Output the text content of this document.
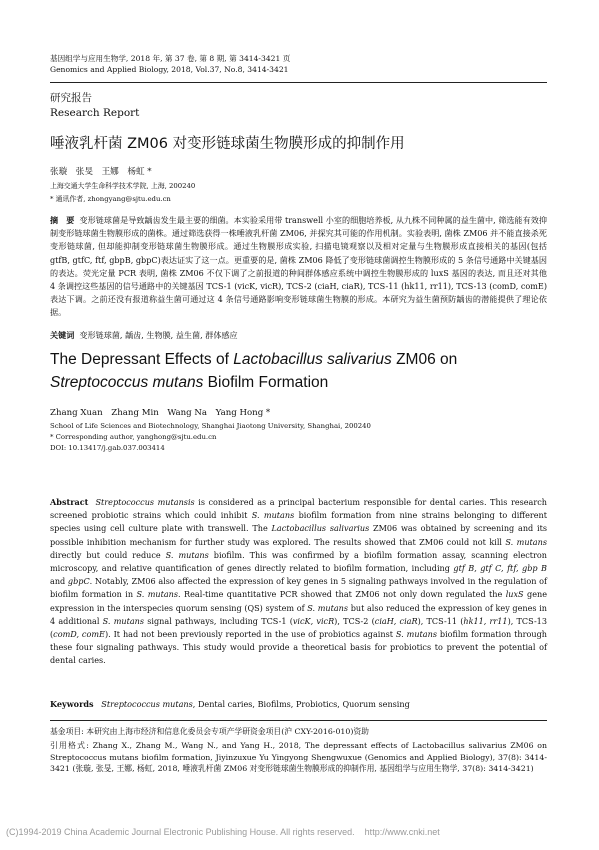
基因组学与应用生物学, 2018 年, 第 37 卷, 第 8 期, 第 3414-3421 页
Genomics and Applied Biology, 2018, Vol.37, No.8, 3414-3421
研究报告
Research Report
唾液乳杆菌 ZM06 对变形链球菌生物膜形成的抑制作用
张璇　张旻　王娜　杨虹 *
上海交通大学生命科学技术学院, 上海, 200240
* 通讯作者, zhongyang@sjtu.edu.cn
摘　要 变形链球菌是导致龋齿发生最主要的细菌。本实验采用带 transwell 小室的细胞培养板, 从九株不同种属的益生菌中, 筛选能有效抑制变形链球菌生物膜形成的菌株。通过筛选获得一株唾液乳杆菌 ZM06, 并探究其可能的作用机制。实验表明, 菌株 ZM06 并不能直接杀死变形链球菌, 但却能抑制变形链球菌生物膜形成。通过生物膜形成实验, 扫描电镜观察以及相对定量与生物膜形成直接相关的基因(包括 gtfB, gtfC, ftf, gbpB, gbpC)表达证实了这一点。更重要的是, 菌株 ZM06 降低了变形链球菌调控生物膜形成的 5 条信号通路中关键基因的表达。荧光定量 PCR 表明, 菌株 ZM06 不仅下调了之前报道的种间群体感应系统中调控生物膜形成的 luxS 基因的表达, 而且还对其他 4 条调控这些基因的信号通路中的关键基因 TCS-1 (vicK, vicR), TCS-2 (ciaH, ciaR), TCS-11 (hk11, rr11), TCS-13 (comD, comE)表达下调。之前还没有报道称益生菌可通过这 4 条信号通路影响变形链球菌生物膜的形成。本研究为益生菌预防龋齿的潜能提供了理论依据。
关键词 变形链球菌, 龋齿, 生物膜, 益生菌, 群体感应
The Depressant Effects of Lactobacillus salivarius ZM06 on Streptococcus mutans Biofilm Formation
Zhang Xuan　Zhang Min　Wang Na　Yang Hong *
School of Life Sciences and Biotechnology, Shanghai Jiaotong University, Shanghai, 200240
* Corresponding author, yanghong@sjtu.edu.cn
DOI: 10.13417/j.gab.037.003414
Abstract Streptococcus mutansis is considered as a principal bacterium responsible for dental caries. This research screened probiotic strains which could inhibit S. mutans biofilm formation from nine strains belonging to different species using cell culture plate with transwell. The Lactobacillus salivarius ZM06 was obtained by screening and its possible inhibition mechanism for further study was explored. The results showed that ZM06 could not kill S. mutans directly but could reduce S. mutans biofilm. This was confirmed by a biofilm formation assay, scanning electron microscopy, and relative quantification of genes directly related to biofilm formation, including gtf B, gtf C, ftf, gbp B and gbpC. Notably, ZM06 also affected the expression of key genes in 5 signaling pathways involved in the regulation of biofilm formation in S. mutans. Real-time quantitative PCR showed that ZM06 not only down regulated the luxS gene expression in the interspecies quorum sensing (QS) system of S. mutans but also reduced the expression of key genes in 4 additional S. mutans signal pathways, including TCS-1 (vicK, vicR), TCS-2 (ciaH, ciaR), TCS-11 (hk11, rr11), TCS-13 (comD, comE). It had not been previously reported in the use of probiotics against S. mutans biofilm formation through these four signaling pathways. This study would provide a theoretical basis for probiotics to prevent the potential of dental caries.
Keywords Streptococcus mutans, Dental caries, Biofilms, Probiotics, Quorum sensing
基金项目: 本研究由上海市经济和信息化委员会专项产学研资金项目(沪 CXY-2016-010)资助
引用格式: Zhang X., Zhang M., Wang N., and Yang H., 2018, The depressant effects of Lactobacillus salivarius ZM06 on Streptococcus mutans biofilm formation, Jiyinzuxue Yu Yingyong Shengwuxue (Genomics and Applied Biology), 37(8): 3414-3421 (张璇, 张旻, 王娜, 杨虹, 2018, 唾液乳杆菌 ZM06 对变形链球菌生物膜形成的抑制作用, 基因组学与应用生物学, 37(8): 3414-3421)
(C)1994-2019 China Academic Journal Electronic Publishing House. All rights reserved.    http://www.cnki.net
